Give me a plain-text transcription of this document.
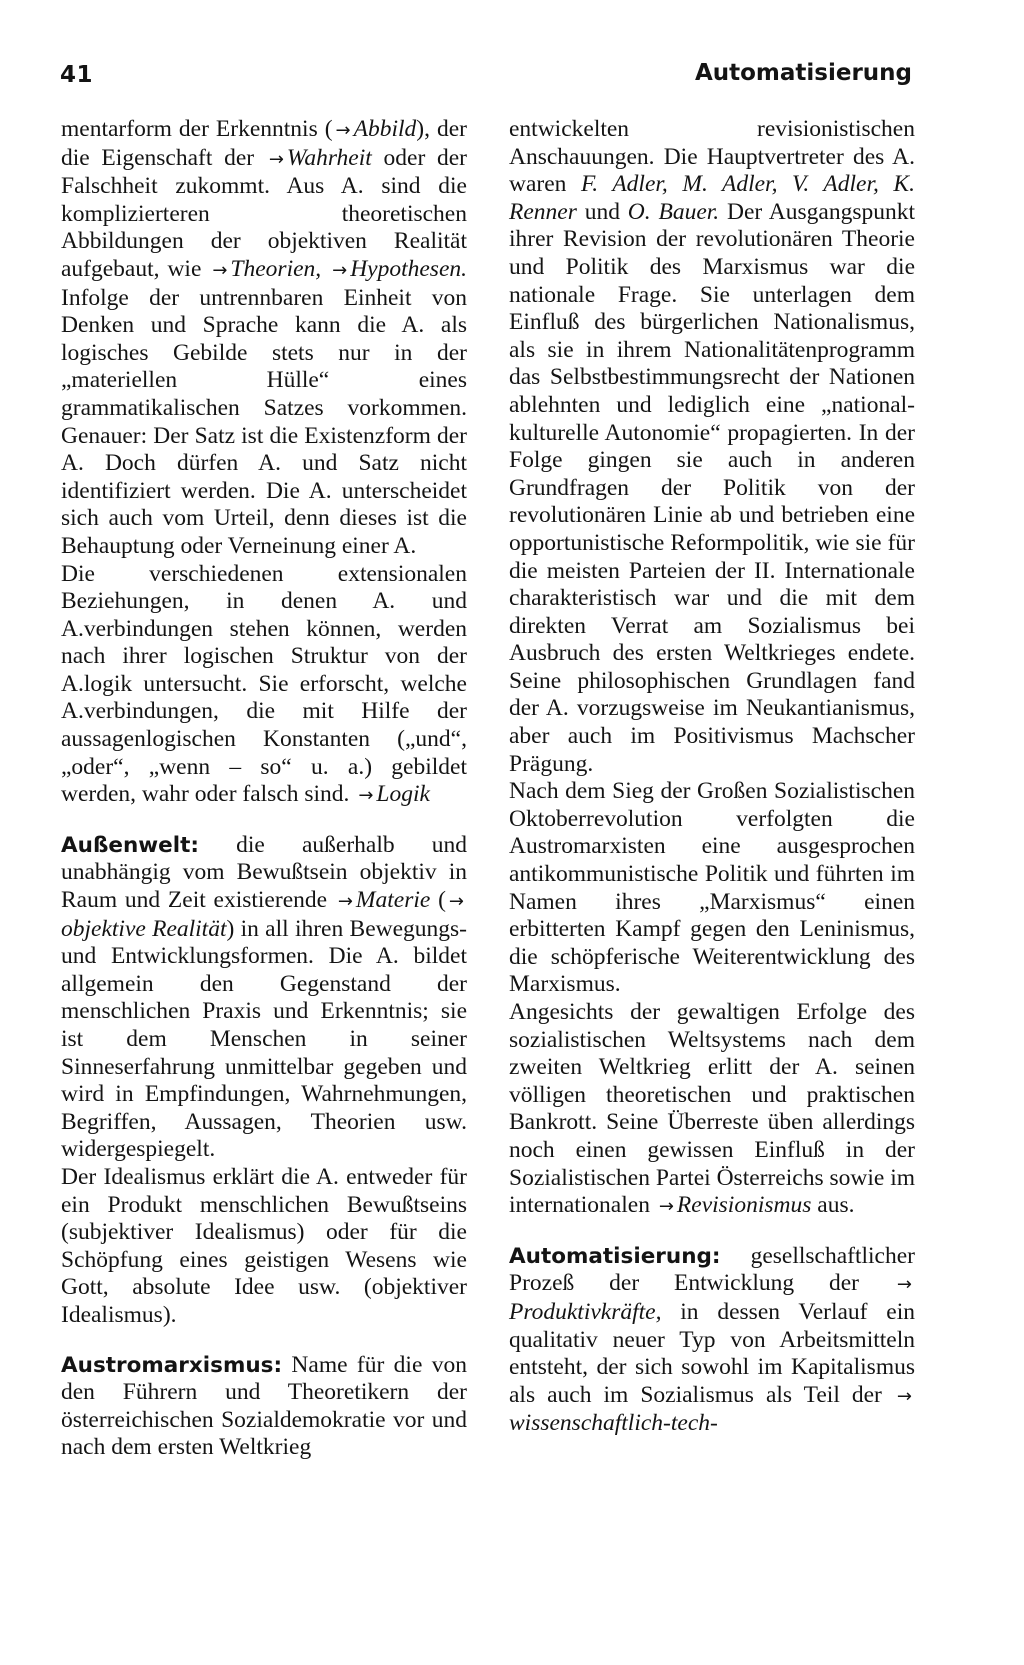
41	Automatisierung

mentarform der Erkenntnis ( → Abbild), der die Eigenschaft der → Wahrheit oder der Falschheit zukommt. Aus A. sind die komplizierteren theoretischen Abbildungen der objektiven Realität aufgebaut, wie → Theorien, → Hypothesen. Infolge der untrennbaren Einheit von Denken und Sprache kann die A. als logisches Gebilde stets nur in der „materiellen Hülle“ eines grammatikalischen Satzes vorkommen. Genauer: Der Satz ist die Existenzform der A. Doch dürfen A. und Satz nicht identifiziert werden. Die A. unterscheidet sich auch vom Urteil, denn dieses ist die Behauptung oder Verneinung einer A.

Die verschiedenen extensionalen Beziehungen, in denen A. und A.verbindungen stehen können, werden nach ihrer logischen Struktur von der A.logik untersucht. Sie erforscht, welche A.verbindungen, die mit Hilfe der aussagenlogischen Konstanten („und“, „oder“, „wenn – so“ u. a.) gebildet werden, wahr oder falsch sind. → Logik

Außenwelt: die außerhalb und unabhängig vom Bewußtsein objektiv in Raum und Zeit existierende → Materie ( →objektive Realität) in all ihren Bewegungs- und Entwicklungsformen. Die A. bildet allgemein den Gegenstand der menschlichen Praxis und Erkenntnis; sie ist dem Menschen in seiner Sinneserfahrung unmittelbar gegeben und wird in Empfindungen, Wahrnehmungen, Begriffen, Aussagen, Theorien usw. widergespiegelt.

Der Idealismus erklärt die A. entweder für ein Produkt menschlichen Bewußtseins (subjektiver Idealismus) oder für die Schöpfung eines geistigen Wesens wie Gott, absolute Idee usw. (objektiver Idealismus).

Austromarxismus: Name für die von den Führern und Theoretikern der österreichischen Sozialdemokratie vor und nach dem ersten Weltkrieg

entwickelten revisionistischen Anschauungen. Die Hauptvertreter des A. waren F. Adler, M. Adler, V. Adler, K. Renner und O. Bauer. Der Ausgangspunkt ihrer Revision der revolutionären Theorie und Politik des Marxismus war die nationale Frage. Sie unterlagen dem Einfluß des bürgerlichen Nationalismus, als sie in ihrem Nationalitätenprogramm das Selbstbestimmungsrecht der Nationen ablehnten und lediglich eine „national-kulturelle Autonomie“ propagierten. In der Folge gingen sie auch in anderen Grundfragen der Politik von der revolutionären Linie ab und betrieben eine opportunistische Reformpolitik, wie sie für die meisten Parteien der II. Internationale charakteristisch war und die mit dem direkten Verrat am Sozialismus bei Ausbruch des ersten Weltkrieges endete. Seine philosophischen Grundlagen fand der A. vorzugsweise im Neukantianismus, aber auch im Positivismus Machscher Prägung.

Nach dem Sieg der Großen Sozialistischen Oktoberrevolution verfolgten die Austromarxisten eine ausgesprochen antikommunistische Politik und führten im Namen ihres „Marxismus“ einen erbitterten Kampf gegen den Leninismus, die schöpferische Weiterentwicklung des Marxismus.

Angesichts der gewaltigen Erfolge des sozialistischen Weltsystems nach dem zweiten Weltkrieg erlitt der A. seinen völligen theoretischen und praktischen Bankrott. Seine Überreste üben allerdings noch einen gewissen Einfluß in der Sozialistischen Partei Österreichs sowie im internationalen → Revisionismus aus.

Automatisierung: gesellschaftlicher Prozeß der Entwicklung der →Produktivkräfte, in dessen Verlauf ein qualitativ neuer Typ von Arbeitsmitteln entsteht, der sich sowohl im Kapitalismus als auch im Sozialismus als Teil der →wissenschaftlich-tech-
